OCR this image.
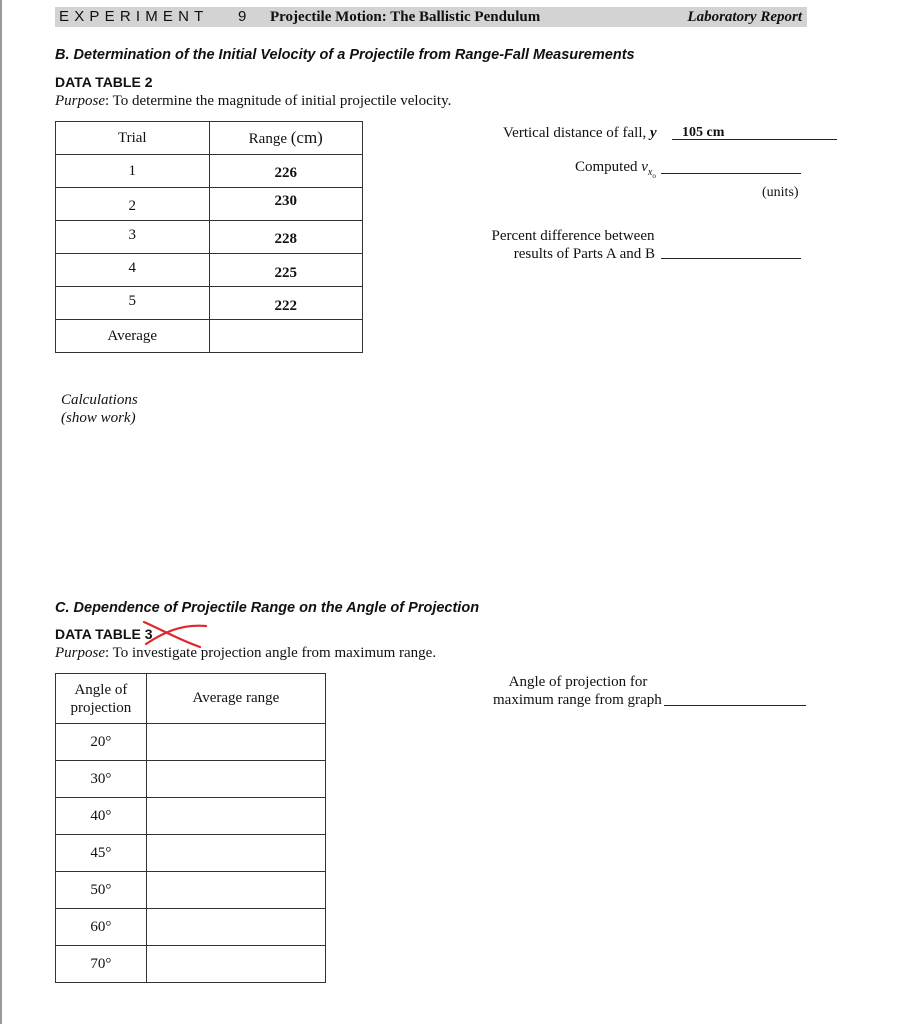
EXPERIMENT 9 Projectile Motion: The Ballistic Pendulum	Laboratory Report
B. Determination of the Initial Velocity of a Projectile from Range-Fall Measurements
DATA TABLE 2
Purpose: To determine the magnitude of initial projectile velocity.
Trial	Range (cm)
1	226
2	230
3	228
4	225
5	222
Average	
Vertical distance of fall, y 105 cm
Computed $v_{x_o}$
(units)
Percent difference between
results of Parts A and B
Calculations
(show work)
C. Dependence of Projectile Range on the Angle of Projection
DATA TABLE 3
Purpose: To investigate projection angle from maximum range.
Angle of
projection	Average range
20°	
30°	
40°	
45°	
50°	
60°	
70°	
Angle of projection for
maximum range from graph
